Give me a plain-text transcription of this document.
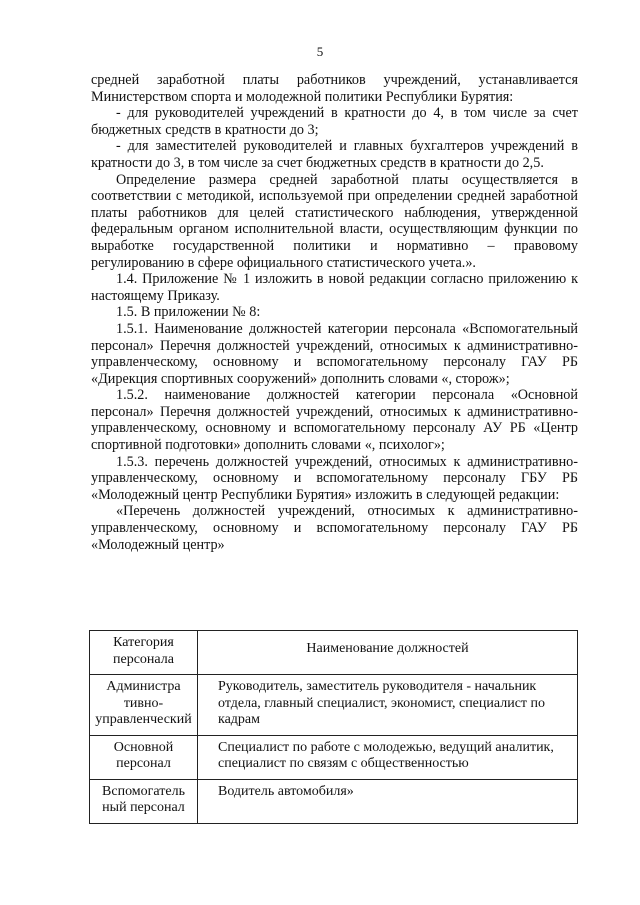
5

средней заработной платы работников учреждений, устанавливается Министерством спорта и молодежной политики Республики Бурятия:

- для руководителей учреждений в кратности до 4, в том числе за счет бюджетных средств в кратности до 3;

- для заместителей руководителей и главных бухгалтеров учреждений в кратности до 3, в том числе за счет бюджетных средств в кратности до 2,5.

Определение размера средней заработной платы осуществляется в соответствии с методикой, используемой при определении средней заработной платы работников для целей статистического наблюдения, утвержденной федеральным органом исполнительной власти, осуществляющим функции по выработке государственной политики и нормативно – правовому регулированию в сфере официального статистического учета.».

1.4. Приложение № 1 изложить в новой редакции согласно приложению к настоящему Приказу.

1.5. В приложении № 8:

1.5.1. Наименование должностей категории персонала «Вспомогательный персонал» Перечня должностей учреждений, относимых к административно-управленческому, основному и вспомогательному персоналу ГАУ РБ «Дирекция спортивных сооружений» дополнить словами «, сторож»;

1.5.2. наименование должностей категории персонала «Основной персонал» Перечня должностей учреждений, относимых к административно-управленческому, основному и вспомогательному персоналу АУ РБ «Центр спортивной подготовки» дополнить словами «, психолог»;

1.5.3. перечень должностей учреждений, относимых к административно-управленческому, основному и вспомогательному персоналу ГБУ РБ «Молодежный центр Республики Бурятия» изложить в следующей редакции:

«Перечень должностей учреждений, относимых к административно-управленческому, основному и вспомогательному персоналу ГАУ РБ «Молодежный центр»

Категория персонала	Наименование должностей
Администра тивно-управленческий	Руководитель, заместитель руководителя - начальник отдела, главный специалист, экономист, специалист по кадрам
Основной персонал	Специалист по работе с молодежью, ведущий аналитик, специалист по связям с общественностью
Вспомогатель ный персонал	Водитель автомобиля»
